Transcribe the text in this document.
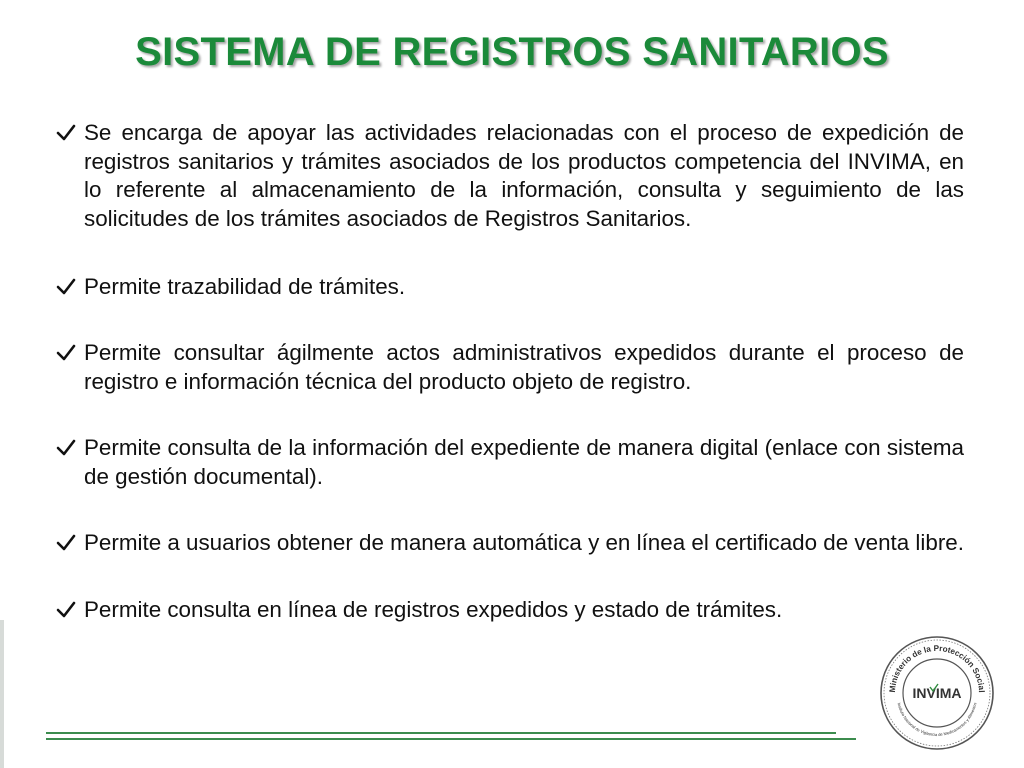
SISTEMA DE REGISTROS SANITARIOS
Se encarga de apoyar las actividades relacionadas con el proceso de expedición de registros sanitarios y trámites asociados de los productos competencia del INVIMA, en lo referente al almacenamiento de la información, consulta y seguimiento de las solicitudes de los trámites asociados de Registros Sanitarios.
Permite trazabilidad de trámites.
Permite consultar ágilmente actos administrativos expedidos durante el proceso de registro e información técnica del producto objeto de registro.
Permite consulta de la información del expediente de manera digital (enlace con sistema de gestión documental).
Permite a usuarios obtener de manera automática y en línea el certificado de venta libre.
Permite consulta en línea de registros expedidos y estado de trámites.
Ministerio de la Protección Social
Instituto Nacional de Vigilancia de Medicamentos y Alimentos
INVIMA
